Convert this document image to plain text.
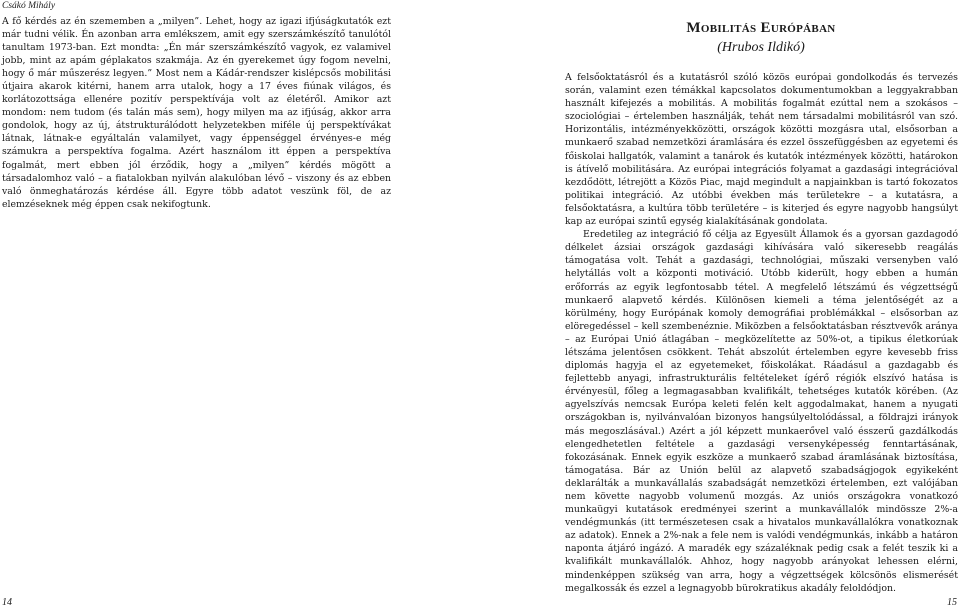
Csákó Mihály

A fő kérdés az én szememben a „milyen”. Lehet, hogy az igazi ifjúságkutatók ezt már tudni vélik. Én azonban arra emlékszem, amit egy szerszámkészítő tanulótól tanultam 1973-ban. Ezt mondta: „Én már szerszámkészítő vagyok, ez valamivel jobb, mint az apám géplakatos szakmája. Az én gyerekemet úgy fogom nevelni, hogy ő már műszerész legyen.” Most nem a Kádár-rendszer kislépcsős mobilitási útjaira akarok kitérni, hanem arra utalok, hogy a 17 éves fiúnak világos, és korlátozottsága ellenére pozitív perspektívája volt az életéről. Amikor azt mondom: nem tudom (és talán más sem), hogy milyen ma az ifjúság, akkor arra gondolok, hogy az új, átstrukturálódott helyzetekben miféle új perspektívákat látnak, látnak-e egyáltalán valamilyet, vagy éppenséggel érvényes-e még számukra a perspektíva fogalma. Azért használom itt éppen a perspektíva fogalmát, mert ebben jól érződik, hogy a „milyen” kérdés mögött a társadalomhoz való – a fiatalokban nyilván alakulóban lévő – viszony és az ebben való önmeghatározás kérdése áll. Egyre több adatot veszünk föl, de az elemzéseknek még éppen csak nekifogtunk.

14

Mobilitás Európában

(Hrubos Ildikó)

A felsőoktatásról és a kutatásról szóló közös európai gondolkodás és tervezés során, valamint ezen témákkal kapcsolatos dokumentumokban a leggyakrabban használt kifejezés a mobilitás. A mobilitás fogalmát ezúttal nem a szokásos – szociológiai – értelemben használják, tehát nem társadalmi mobilitásról van szó. Horizontális, intézményekközötti, országok közötti mozgásra utal, elsősorban a munkaerő szabad nemzetközi áramlására és ezzel összefüggésben az egyetemi és főiskolai hallgatók, valamint a tanárok és kutatók intézmények közötti, határokon is átívelő mobilitására. Az európai integrációs folyamat a gazdasági integrációval kezdődött, létrejött a Közös Piac, majd megindult a napjainkban is tartó fokozatos politikai integráció. Az utóbbi években más területekre – a kutatásra, a felsőoktatásra, a kultúra több területére – is kiterjed és egyre nagyobb hangsúlyt kap az európai szintű egység kialakításának gondolata.

Eredetileg az integráció fő célja az Egyesült Államok és a gyorsan gazdagodó délkelet ázsiai országok gazdasági kihívására való sikeresebb reagálás támogatása volt. Tehát a gazdasági, technológiai, műszaki versenyben való helytállás volt a központi motiváció. Utóbb kiderült, hogy ebben a humán erőforrás az egyik legfontosabb tétel. A megfelelő létszámú és végzettségű munkaerő alapvető kérdés. Különösen kiemeli a téma jelentőségét az a körülmény, hogy Európának komoly demográfiai problémákkal – elsősorban az elöregedéssel – kell szembenéznie. Miközben a felsőoktatásban résztvevők aránya – az Európai Unió átlagában – megközelítette az 50%-ot, a tipikus életkorúak létszáma jelentősen csökkent. Tehát abszolút értelemben egyre kevesebb friss diplomás hagyja el az egyetemeket, főiskolákat. Ráadásul a gazdagabb és fejlettebb anyagi, infrastrukturális feltételeket ígérő régiók elszívó hatása is érvényesül, főleg a legmagasabban kvalifikált, tehetséges kutatók körében. (Az agyelszívás nemcsak Európa keleti felén kelt aggodalmakat, hanem a nyugati országokban is, nyilvánvalóan bizonyos hangsúlyeltolódással, a földrajzi irányok más megoszlásával.) Azért a jól képzett munkaerővel való ésszerű gazdálkodás elengedhetetlen feltétele a gazdasági versenyképesség fenntartásának, fokozásának. Ennek egyik eszköze a munkaerő szabad áramlásának biztosítása, támogatása. Bár az Unión belül az alapvető szabadságjogok egyikeként deklarálták a munkavállalás szabadságát nemzetközi értelemben, ezt valójában nem követte nagyobb volumenű mozgás. Az uniós országokra vonatkozó munkaügyi kutatások eredményei szerint a munkavállalók mindössze 2%-a vendégmunkás (itt természetesen csak a hivatalos munkavállalókra vonatkoznak az adatok). Ennek a 2%-nak a fele nem is valódi vendégmunkás, inkább a határon napontа átjáró ingázó. A maradék egy százaléknak pedig csak a felét teszik ki a kvalifikált munkavállalók. Ahhoz, hogy nagyobb arányokat lehessen elérni, mindenképpen szükség van arra, hogy a végzettségek kölcsönös elismerését megalkossák és ezzel a legnagyobb bürokratikus akadály feloldódjon.

15
